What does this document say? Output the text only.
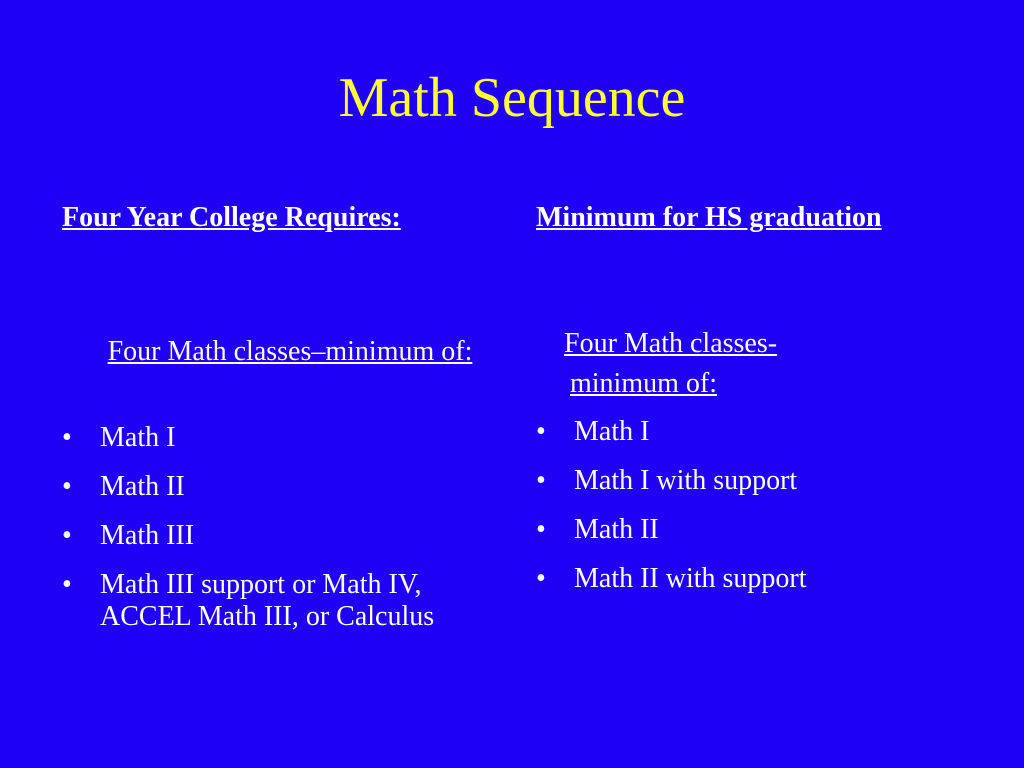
Math Sequence
Four Year College Requires:	Minimum for HS graduation
Four Math classes–minimum of:
• Math I
• Math II
• Math III
• Math III support or Math IV, ACCEL Math III, or Calculus
Four Math classes-
minimum of:
• Math I
• Math I with support
• Math II
• Math II with support
